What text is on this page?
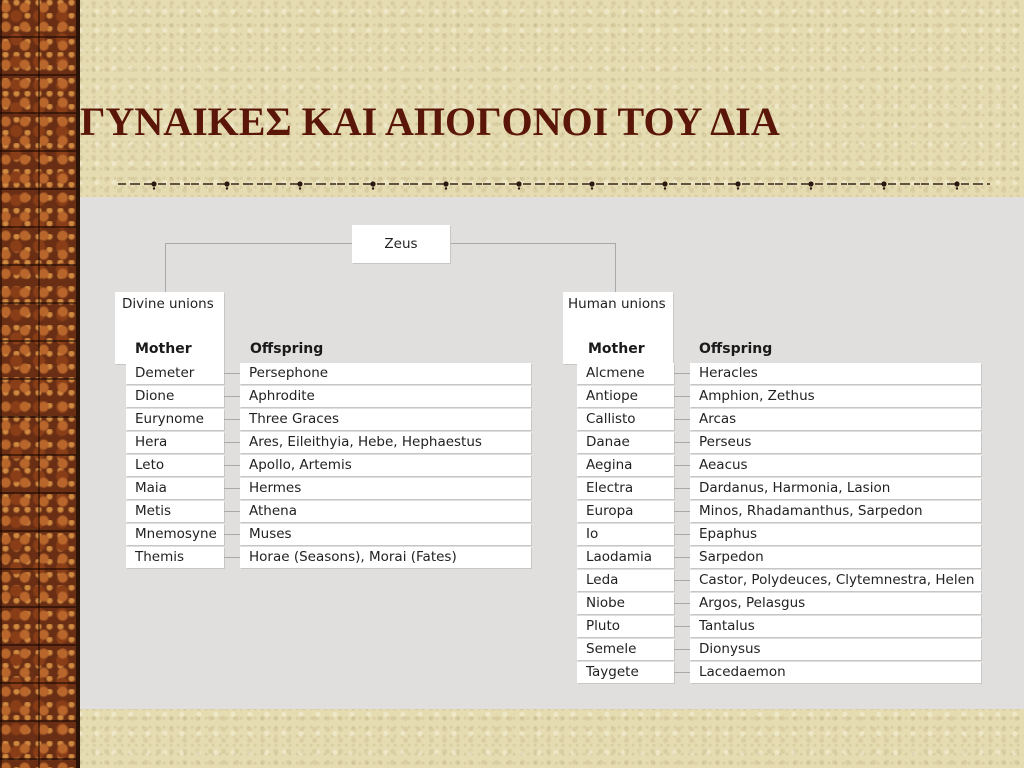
ΓΥΝΑΙΚΕΣ ΚΑΙ ΑΠΟΓΟΝΟΙ ΤΟΥ ΔΙΑ
Zeus
Divine unions	Human unions
Mother	Offspring	Mother	Offspring
Demeter	Persephone
Dione	Aphrodite
Eurynome	Three Graces
Hera	Ares, Eileithyia, Hebe, Hephaestus
Leto	Apollo, Artemis
Maia	Hermes
Metis	Athena
Mnemosyne	Muses
Themis	Horae (Seasons), Morai (Fates)
Alcmene	Heracles
Antiope	Amphion, Zethus
Callisto	Arcas
Danae	Perseus
Aegina	Aeacus
Electra	Dardanus, Harmonia, Lasion
Europa	Minos, Rhadamanthus, Sarpedon
Io	Epaphus
Laodamia	Sarpedon
Leda	Castor, Polydeuces, Clytemnestra, Helen
Niobe	Argos, Pelasgus
Pluto	Tantalus
Semele	Dionysus
Taygete	Lacedaemon
